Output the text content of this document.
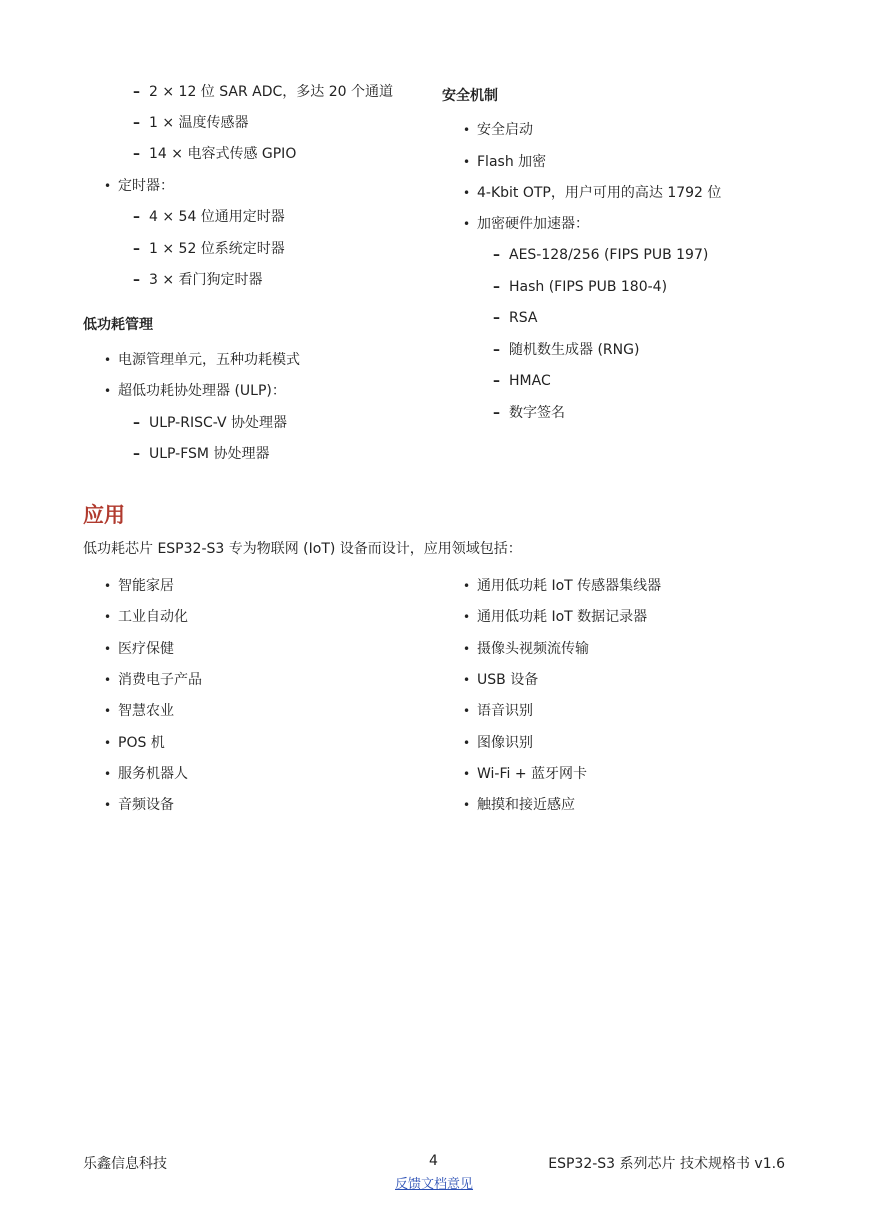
– 2 × 12 位 SAR ADC，多达 20 个通道
– 1 × 温度传感器
– 14 × 电容式传感 GPIO
• 定时器：
– 4 × 54 位通用定时器
– 1 × 52 位系统定时器
– 3 × 看门狗定时器
低功耗管理
• 电源管理单元，五种功耗模式
• 超低功耗协处理器 (ULP)：
– ULP-RISC-V 协处理器
– ULP-FSM 协处理器
安全机制
• 安全启动
• Flash 加密
• 4-Kbit OTP，用户可用的高达 1792 位
• 加密硬件加速器：
– AES-128/256 (FIPS PUB 197)
– Hash (FIPS PUB 180-4)
– RSA
– 随机数生成器 (RNG)
– HMAC
– 数字签名
应用
低功耗芯片 ESP32-S3 专为物联网 (IoT) 设备而设计，应用领域包括：
• 智能家居
• 工业自动化
• 医疗保健
• 消费电子产品
• 智慧农业
• POS 机
• 服务机器人
• 音频设备
• 通用低功耗 IoT 传感器集线器
• 通用低功耗 IoT 数据记录器
• 摄像头视频流传输
• USB 设备
• 语音识别
• 图像识别
• Wi-Fi + 蓝牙网卡
• 触摸和接近感应
乐鑫信息科技	4	ESP32-S3 系列芯片 技术规格书 v1.6
反馈文档意见
